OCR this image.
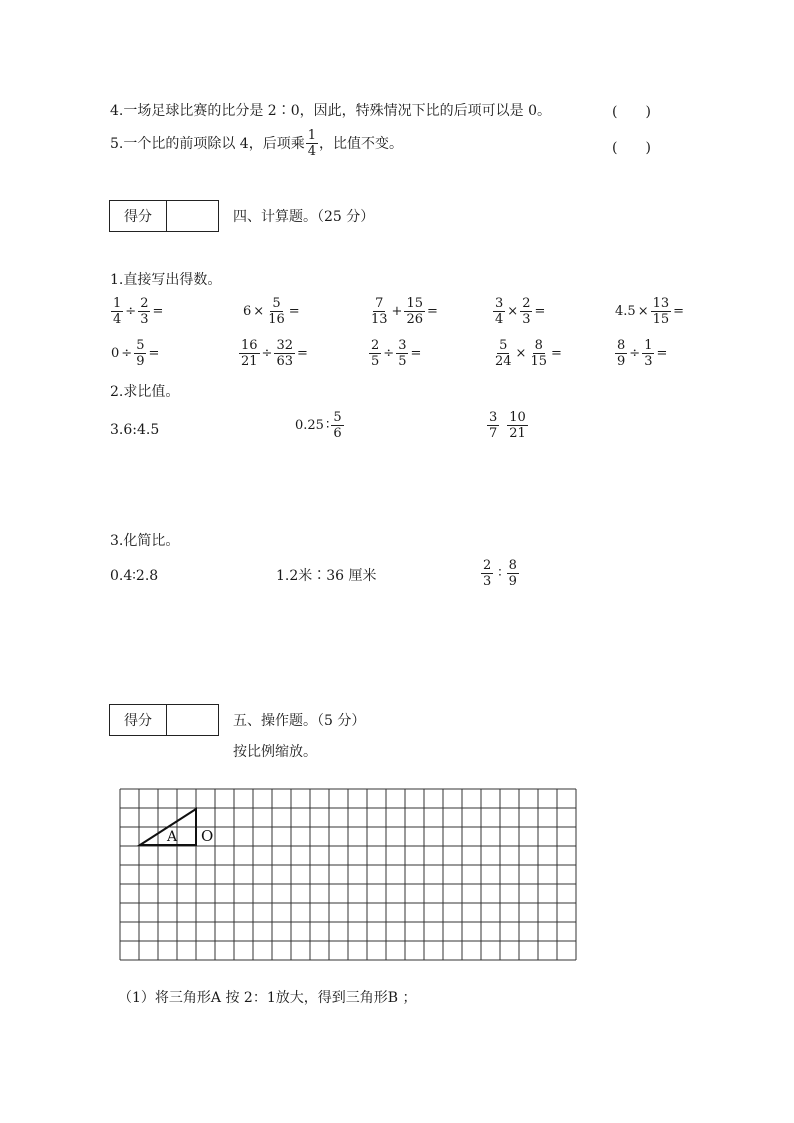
4.一场足球比赛的比分是 2∶0，因此，特殊情况下比的后项可以是 0。	(　　)
5.一个比的前项除以 4，后项乘 $\frac{1}{4}$ ，比值不变。	(　　)
得分	四、计算题。（25 分）
1.直接写出得数。
$\frac{1}{4} \div \frac{2}{3}$ =	$6 \times \frac{5}{16}$ =	$\frac{7}{13} + \frac{15}{26}$ =	$\frac{3}{4} \times \frac{2}{3}$ =	$4.5 \times \frac{13}{15}$ =
$0 \div \frac{5}{9}$ =	$\frac{16}{21} \div \frac{32}{63}$ =	$\frac{2}{5} \div \frac{3}{5}$ =	$\frac{5}{24} \times \frac{8}{15}$ =	$\frac{8}{9} \div \frac{1}{3}$ =
2.求比值。
3.6:4.5	0.25 ∶ $\frac{5}{6}$	$\frac{3}{7} \frac{10}{21}$
3.化简比。
0.4∶2.8	1.2米∶36 厘米	$\frac{2}{3}$ ∶ $\frac{8}{9}$
得分	五、操作题。（5 分）
按比例缩放。
A O
（1）将三角形A 按 2：1放大，得到三角形B ；
